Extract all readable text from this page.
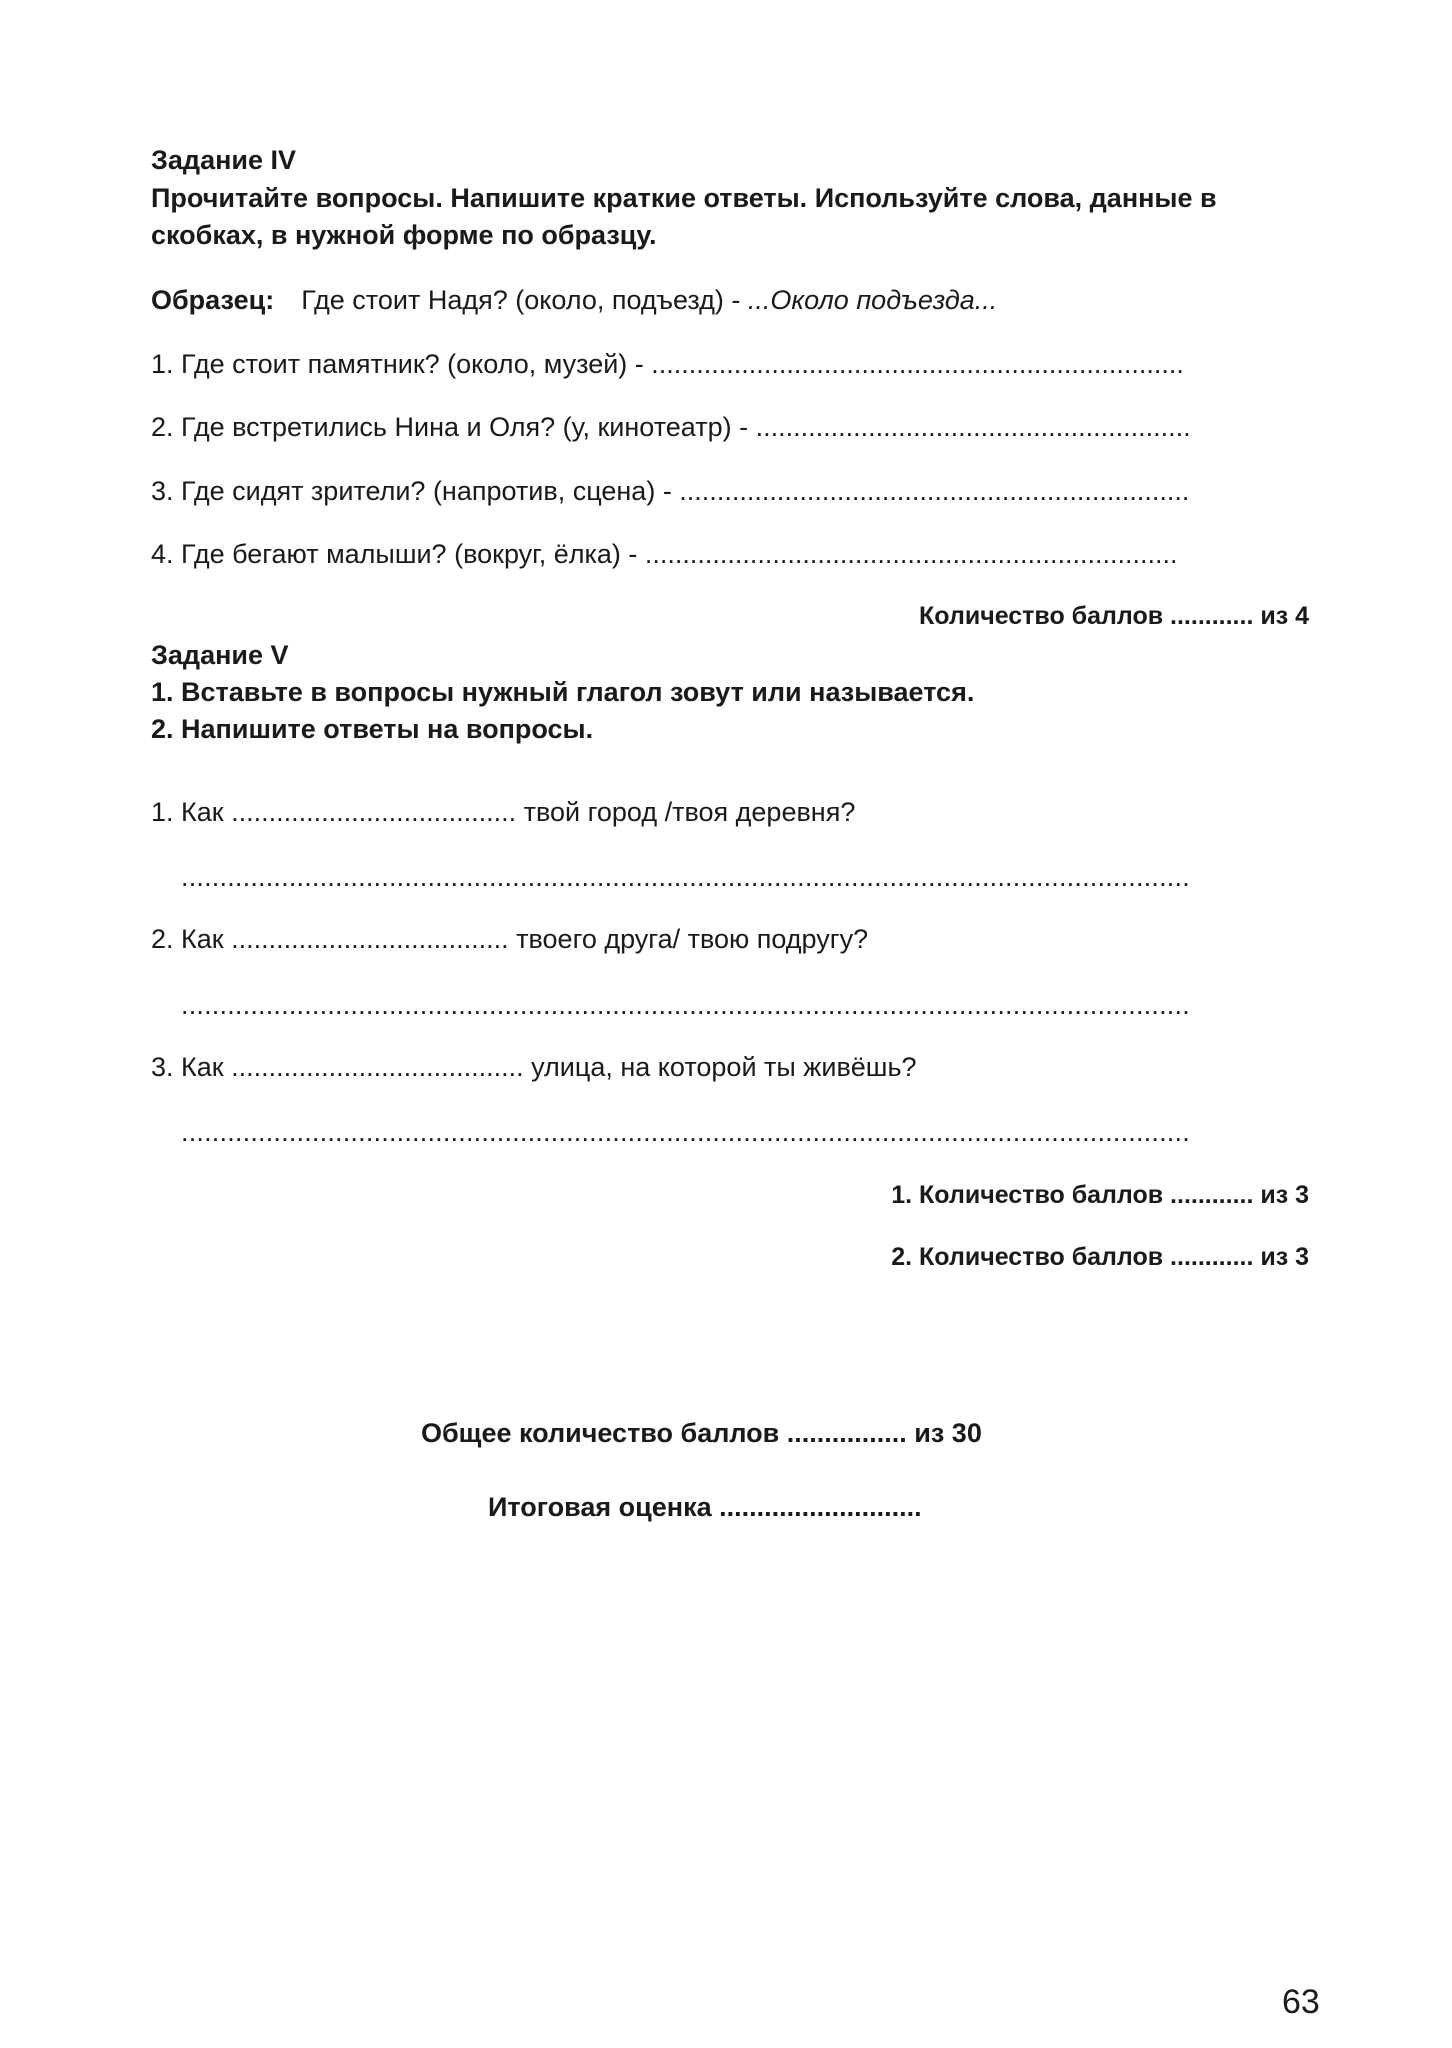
Задание IV
Прочитайте вопросы. Напишите краткие ответы. Используйте слова, данные в
скобках, в нужной форме по образцу.
Образец: Где стоит Надя? (около, подъезд) - ...Около подъезда...
1. Где стоит памятник? (около, музей) - .......................................................................
2. Где встретились Нина и Оля? (у, кинотеатр) - ..........................................................
3. Где сидят зрители? (напротив, сцена) - ....................................................................
4. Где бегают малыши? (вокруг, ёлка) - .......................................................................
Количество баллов ............ из 4
Задание V
1. Вставьте в вопросы нужный глагол зовут или называется.
2. Напишите ответы на вопросы.
1. Как ...................................... твой город /твоя деревня?
...................................................................................................................................
2. Как ..................................... твоего друга/ твою подругу?
...................................................................................................................................
3. Как ....................................... улица, на которой ты живёшь?
...................................................................................................................................
1. Количество баллов ............ из 3
2. Количество баллов ............ из 3
Общее количество баллов ................ из 30
Итоговая оценка ...........................
63
